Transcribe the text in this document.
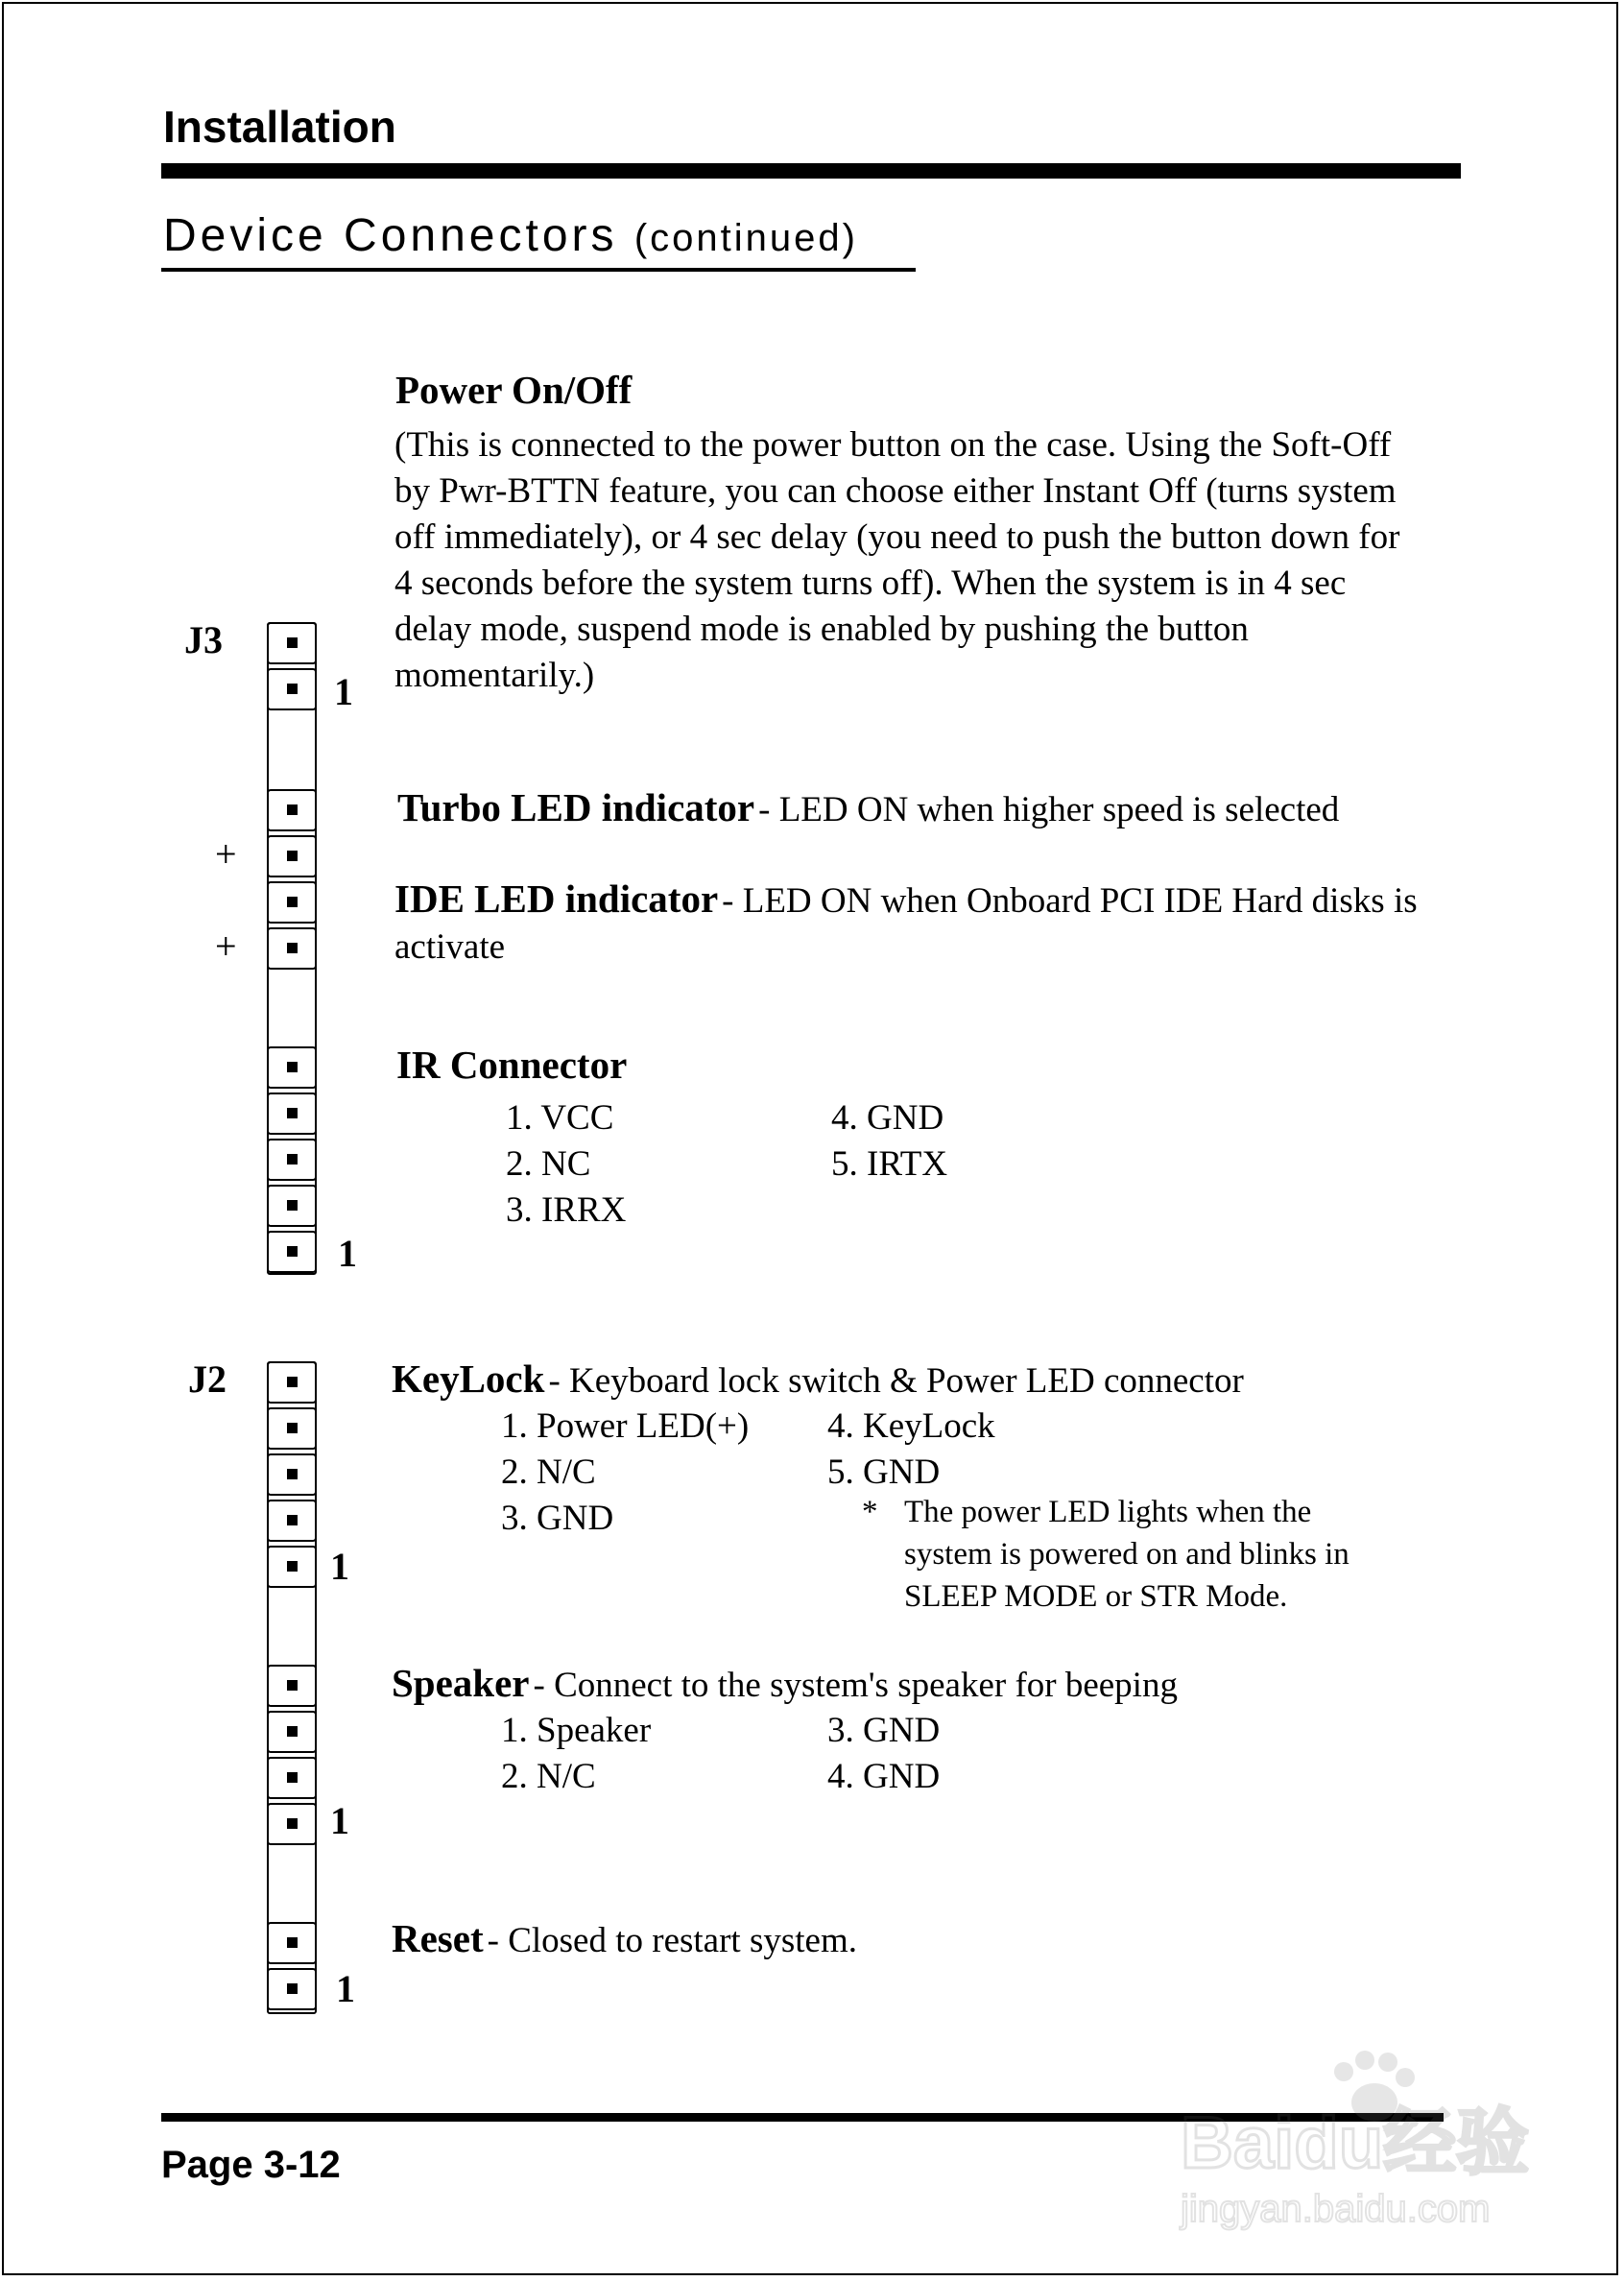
Installation
Device Connectors (continued)
J3
1
+
+
1
Power On/Off
(This is connected to the power button on the case. Using the Soft-Off
by Pwr-BTTN feature, you can choose either Instant Off (turns system
off immediately), or 4 sec delay (you need to push the button down for
4 seconds before the system turns off). When the system is in 4 sec
delay mode, suspend mode is enabled by pushing the button
momentarily.)
Turbo LED indicator - LED ON when higher speed is selected
IDE LED indicator - LED ON when Onboard PCI IDE Hard disks is
activate
IR Connector
1. VCC
2. NC
3. IRRX
4. GND
5. IRTX
J2
1
1
1
KeyLock - Keyboard lock switch & Power LED connector
1. Power LED(+)
2. N/C
3. GND
4. KeyLock
5. GND
* The power LED lights when the
system is powered on and blinks in
SLEEP MODE or STR Mode.
Speaker - Connect to the system's speaker for beeping
1. Speaker
2. N/C
3. GND
4. GND
Reset - Closed to restart system.
Page 3-12	Baidu经验
jingyan.baidu.com
